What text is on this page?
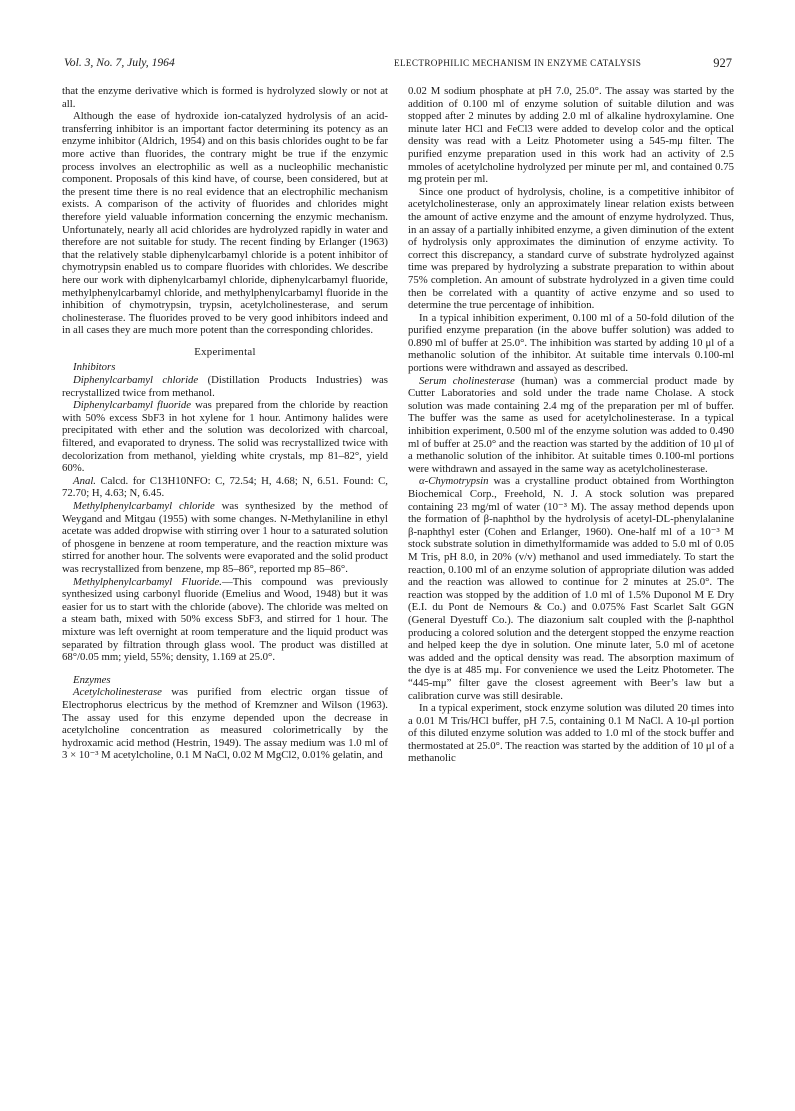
Vol. 3, No. 7, July, 1964	ELECTROPHILIC MECHANISM IN ENZYME CATALYSIS	927

that the enzyme derivative which is formed is hydrolyzed slowly or not at all.

Although the ease of hydroxide ion-catalyzed hydrolysis of an acid-transferring inhibitor is an important factor determining its potency as an enzyme inhibitor (Aldrich, 1954) and on this basis chlorides ought to be far more active than fluorides, the contrary might be true if the enzymic process involves an electrophilic as well as a nucleophilic mechanistic component. Proposals of this kind have, of course, been considered, but at the present time there is no real evidence that an electrophilic mechanism exists. A comparison of the activity of fluorides and chlorides might therefore yield valuable information concerning the enzymic mechanism. Unfortunately, nearly all acid chlorides are hydrolyzed rapidly in water and therefore are not suitable for study. The recent finding by Erlanger (1963) that the relatively stable diphenylcarbamyl chloride is a potent inhibitor of chymotrypsin enabled us to compare fluorides with chlorides. We describe here our work with diphenylcarbamyl chloride, diphenylcarbamyl fluoride, methylphenylcarbamyl chloride, and methylphenylcarbamyl fluoride in the inhibition of chymotrypsin, trypsin, acetylcholinesterase, and serum cholinesterase. The fluorides proved to be very good inhibitors indeed and in all cases they are much more potent than the corresponding chlorides.

Experimental

Inhibitors

Diphenylcarbamyl chloride (Distillation Products Industries) was recrystallized twice from methanol.

Diphenylcarbamyl fluoride was prepared from the chloride by reaction with 50% excess SbF3 in hot xylene for 1 hour. Antimony halides were precipitated with ether and the solution was decolorized with charcoal, filtered, and evaporated to dryness. The solid was recrystallized twice with decolorization from methanol, yielding white crystals, mp 81–82°, yield 60%.

Anal. Calcd. for C13H10NFO: C, 72.54; H, 4.68; N, 6.51. Found: C, 72.70; H, 4.63; N, 6.45.

Methylphenylcarbamyl chloride was synthesized by the method of Weygand and Mitgau (1955) with some changes. N-Methylaniline in ethyl acetate was added dropwise with stirring over 1 hour to a saturated solution of phosgene in benzene at room temperature, and the reaction mixture was stirred for another hour. The solvents were evaporated and the solid product was recrystallized from benzene, mp 85–86°, reported mp 85–86°.

Methylphenylcarbamyl Fluoride.—This compound was previously synthesized using carbonyl fluoride (Emelius and Wood, 1948) but it was easier for us to start with the chloride (above). The chloride was melted on a steam bath, mixed with 50% excess SbF3, and stirred for 1 hour. The mixture was left overnight at room temperature and the liquid product was separated by filtration through glass wool. The product was distilled at 68°/0.05 mm; yield, 55%; density, 1.169 at 25.0°.

Enzymes

Acetylcholinesterase was purified from electric organ tissue of Electrophorus electricus by the method of Kremzner and Wilson (1963). The assay used for this enzyme depended upon the decrease in acetylcholine concentration as measured colorimetrically by the hydroxamic acid method (Hestrin, 1949). The assay medium was 1.0 ml of 3 × 10⁻³ M acetylcholine, 0.1 M NaCl, 0.02 M MgCl2, 0.01% gelatin, and

0.02 M sodium phosphate at pH 7.0, 25.0°. The assay was started by the addition of 0.100 ml of enzyme solution of suitable dilution and was stopped after 2 minutes by adding 2.0 ml of alkaline hydroxylamine. One minute later HCl and FeCl3 were added to develop color and the optical density was read with a Leitz Photometer using a 545-mμ filter. The purified enzyme preparation used in this work had an activity of 2.5 mmoles of acetylcholine hydrolyzed per minute per ml, and contained 0.75 mg protein per ml.

Since one product of hydrolysis, choline, is a competitive inhibitor of acetylcholinesterase, only an approximately linear relation exists between the amount of active enzyme and the amount of enzyme hydrolyzed. Thus, in an assay of a partially inhibited enzyme, a given diminution of the extent of hydrolysis only approximates the diminution of enzyme activity. To correct this discrepancy, a standard curve of substrate hydrolyzed against time was prepared by hydrolyzing a substrate preparation to within about 75% completion. An amount of substrate hydrolyzed in a given time could then be correlated with a quantity of active enzyme and so used to determine the true percentage of inhibition.

In a typical inhibition experiment, 0.100 ml of a 50-fold dilution of the purified enzyme preparation (in the above buffer solution) was added to 0.890 ml of buffer at 25.0°. The inhibition was started by adding 10 μl of a methanolic solution of the inhibitor. At suitable time intervals 0.100-ml portions were withdrawn and assayed as described.

Serum cholinesterase (human) was a commercial product made by Cutter Laboratories and sold under the trade name Cholase. A stock solution was made containing 2.4 mg of the preparation per ml of buffer. The buffer was the same as used for acetylcholinesterase. In a typical inhibition experiment, 0.500 ml of the enzyme solution was added to 0.490 ml of buffer at 25.0° and the reaction was started by the addition of 10 μl of a methanolic solution of the inhibitor. At suitable times 0.100-ml portions were withdrawn and assayed in the same way as acetylcholinesterase.

α-Chymotrypsin was a crystalline product obtained from Worthington Biochemical Corp., Freehold, N. J. A stock solution was prepared containing 23 mg/ml of water (10⁻³ M). The assay method depends upon the formation of β-naphthol by the hydrolysis of acetyl-DL-phenylalanine β-naphthyl ester (Cohen and Erlanger, 1960). One-half ml of a 10⁻³ M stock substrate solution in dimethylformamide was added to 5.0 ml of 0.05 M Tris, pH 8.0, in 20% (v/v) methanol and used immediately. To start the reaction, 0.100 ml of an enzyme solution of appropriate dilution was added and the reaction was allowed to continue for 2 minutes at 25.0°. The reaction was stopped by the addition of 1.0 ml of 1.5% Duponol M E Dry (E.I. du Pont de Nemours & Co.) and 0.075% Fast Scarlet Salt GGN (General Dyestuff Co.). The diazonium salt coupled with the β-naphthol producing a colored solution and the detergent stopped the enzyme reaction and helped keep the dye in solution. One minute later, 5.0 ml of acetone was added and the optical density was read. The absorption maximum of the dye is at 485 mμ. For convenience we used the Leitz Photometer. The “445-mμ” filter gave the closest agreement with Beer’s law but a calibration curve was still desirable.

In a typical experiment, stock enzyme solution was diluted 20 times into a 0.01 M Tris/HCl buffer, pH 7.5, containing 0.1 M NaCl. A 10-μl portion of this diluted enzyme solution was added to 1.0 ml of the stock buffer and thermostated at 25.0°. The reaction was started by the addition of 10 μl of a methanolic
